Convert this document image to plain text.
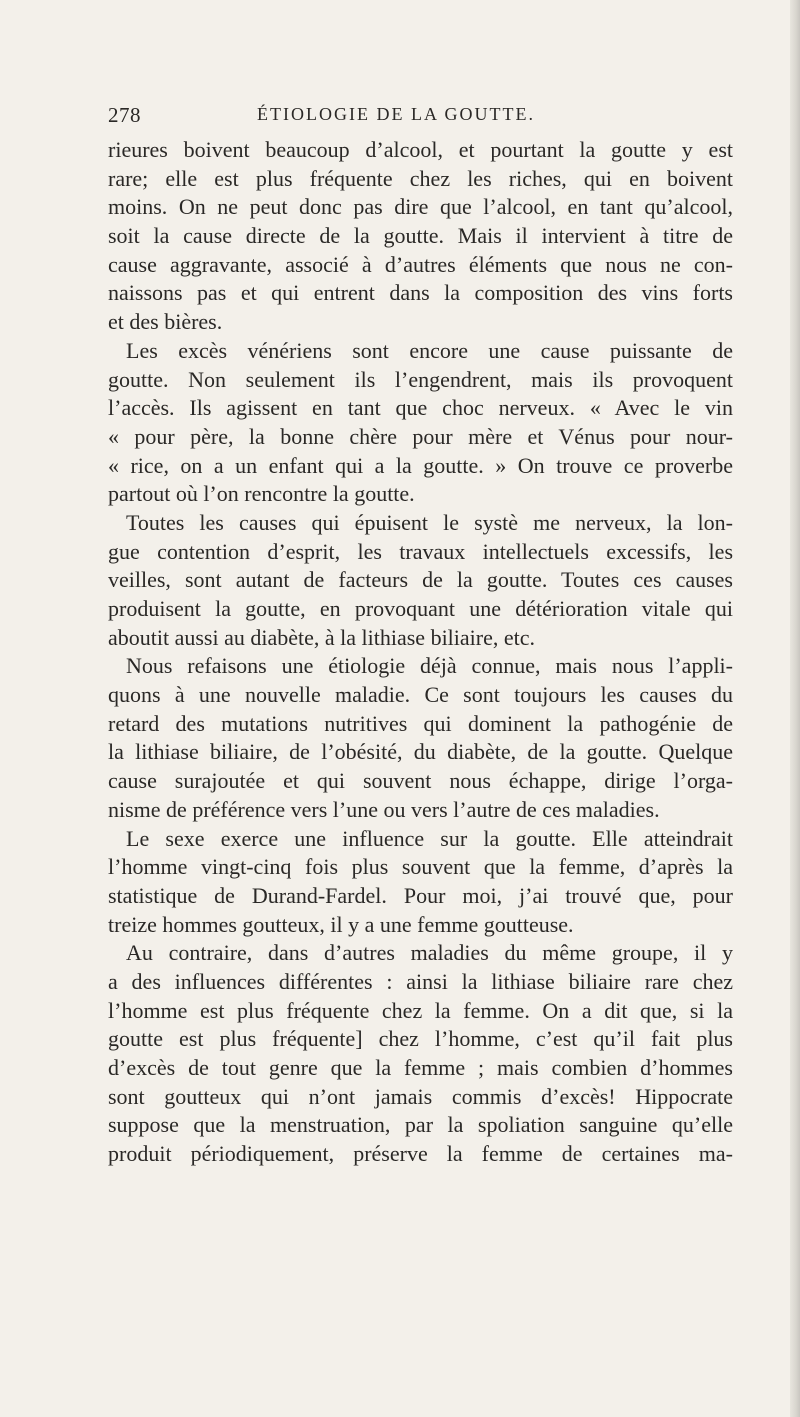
278	ÉTIOLOGIE DE LA GOUTTE.
rieures boivent beaucoup d’alcool, et pourtant la goutte y est
rare; elle est plus fréquente chez les riches, qui en boivent
moins. On ne peut donc pas dire que l’alcool, en tant qu’alcool,
soit la cause directe de la goutte. Mais il intervient à titre de
cause aggravante, associé à d’autres éléments que nous ne con-
naissons pas et qui entrent dans la composition des vins forts
et des bières.
Les excès vénériens sont encore une cause puissante de
goutte. Non seulement ils l’engendrent, mais ils provoquent
l’accès. Ils agissent en tant que choc nerveux. « Avec le vin
« pour père, la bonne chère pour mère et Vénus pour nour-
« rice, on a un enfant qui a la goutte. » On trouve ce proverbe
partout où l’on rencontre la goutte.
Toutes les causes qui épuisent le systè me nerveux, la lon-
gue contention d’esprit, les travaux intellectuels excessifs, les
veilles, sont autant de facteurs de la goutte. Toutes ces causes
produisent la goutte, en provoquant une détérioration vitale qui
aboutit aussi au diabète, à la lithiase biliaire, etc.
Nous refaisons une étiologie déjà connue, mais nous l’appli-
quons à une nouvelle maladie. Ce sont toujours les causes du
retard des mutations nutritives qui dominent la pathogénie de
la lithiase biliaire, de l’obésité, du diabète, de la goutte. Quelque
cause surajoutée et qui souvent nous échappe, dirige l’orga-
nisme de préférence vers l’une ou vers l’autre de ces maladies.
Le sexe exerce une influence sur la goutte. Elle atteindrait
l’homme vingt-cinq fois plus souvent que la femme, d’après la
statistique de Durand-Fardel. Pour moi, j’ai trouvé que, pour
treize hommes goutteux, il y a une femme goutteuse.
Au contraire, dans d’autres maladies du même groupe, il y
a des influences différentes : ainsi la lithiase biliaire rare chez
l’homme est plus fréquente chez la femme. On a dit que, si la
goutte est plus fréquente] chez l’homme, c’est qu’il fait plus
d’excès de tout genre que la femme ; mais combien d’hommes
sont goutteux qui n’ont jamais commis d’excès! Hippocrate
suppose que la menstruation, par la spoliation sanguine qu’elle
produit périodiquement, préserve la femme de certaines ma-
